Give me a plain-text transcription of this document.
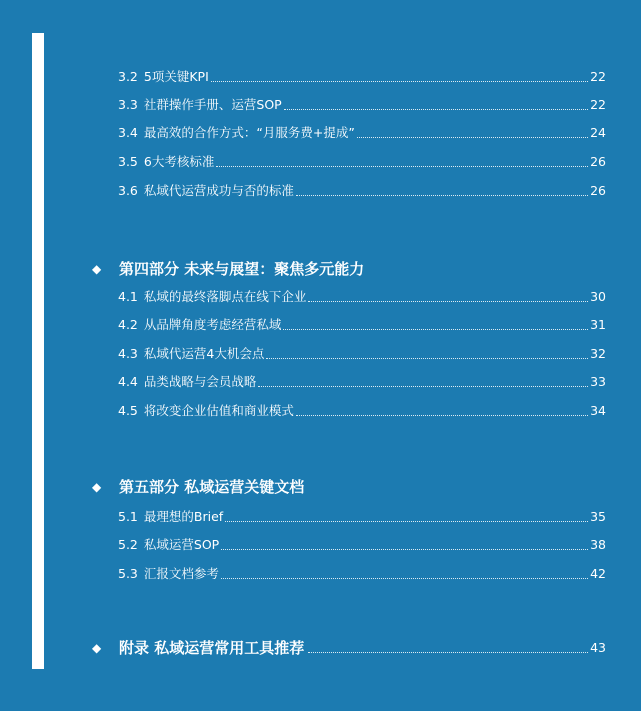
3.2 5项关键KPI	22
3.3 社群操作手册、运营SOP	22
3.4 最高效的合作方式：“月服务费+提成”	24
3.5 6大考核标准	26
3.6 私域代运营成功与否的标准	26
◆	第四部分 未来与展望：聚焦多元能力
4.1 私域的最终落脚点在线下企业	30
4.2 从品牌角度考虑经营私域	31
4.3 私域代运营4大机会点	32
4.4 品类战略与会员战略	33
4.5 将改变企业估值和商业模式	34
◆	第五部分 私域运营关键文档
5.1 最理想的Brief	35
5.2 私域运营SOP	38
5.3 汇报文档参考	42
◆	附录 私域运营常用工具推荐	43
